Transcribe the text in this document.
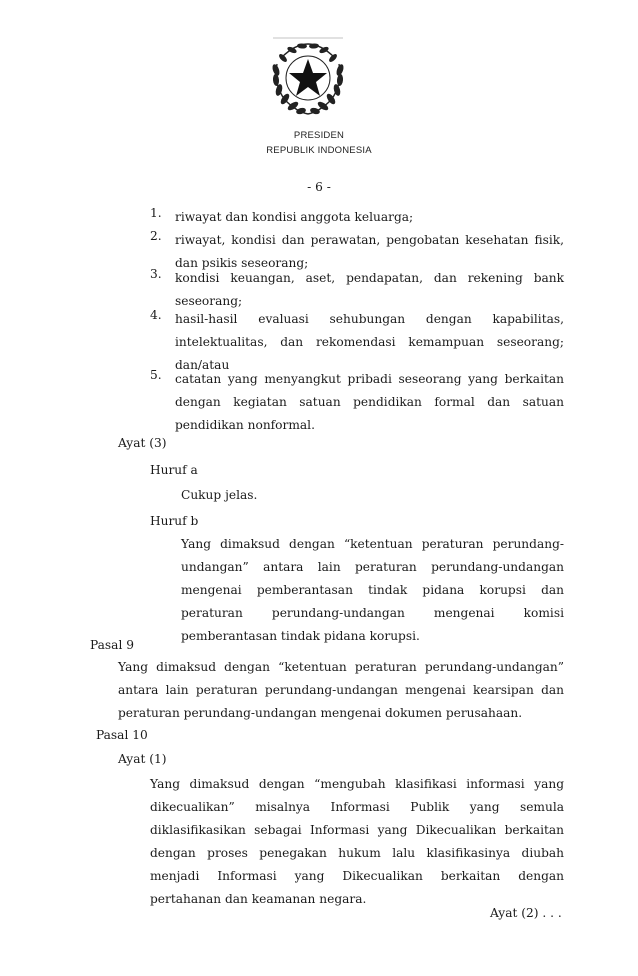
PRESIDEN
REPUBLIK INDONESIA
- 6 -
1. riwayat dan kondisi anggota keluarga;
2. riwayat, kondisi dan perawatan, pengobatan kesehatan fisik, dan psikis seseorang;
3. kondisi keuangan, aset, pendapatan, dan rekening bank seseorang;
4. hasil-hasil evaluasi sehubungan dengan kapabilitas, intelektualitas, dan rekomendasi kemampuan seseorang; dan/atau
5. catatan yang menyangkut pribadi seseorang yang berkaitan dengan kegiatan satuan pendidikan formal dan satuan pendidikan nonformal.
Ayat (3)
Huruf a
Cukup jelas.
Huruf b
Yang dimaksud dengan “ketentuan peraturan perundang-undangan” antara lain peraturan perundang-undangan mengenai pemberantasan tindak pidana korupsi dan peraturan perundang-undangan mengenai komisi pemberantasan tindak pidana korupsi.
Pasal 9
Yang dimaksud dengan “ketentuan peraturan perundang-undangan” antara lain peraturan perundang-undangan mengenai kearsipan dan peraturan perundang-undangan mengenai dokumen perusahaan.
Pasal 10
Ayat (1)
Yang dimaksud dengan “mengubah klasifikasi informasi yang dikecualikan” misalnya Informasi Publik yang semula diklasifikasikan sebagai Informasi yang Dikecualikan berkaitan dengan proses penegakan hukum lalu klasifikasinya diubah menjadi Informasi yang Dikecualikan berkaitan dengan pertahanan dan keamanan negara.
Ayat (2) . . .
